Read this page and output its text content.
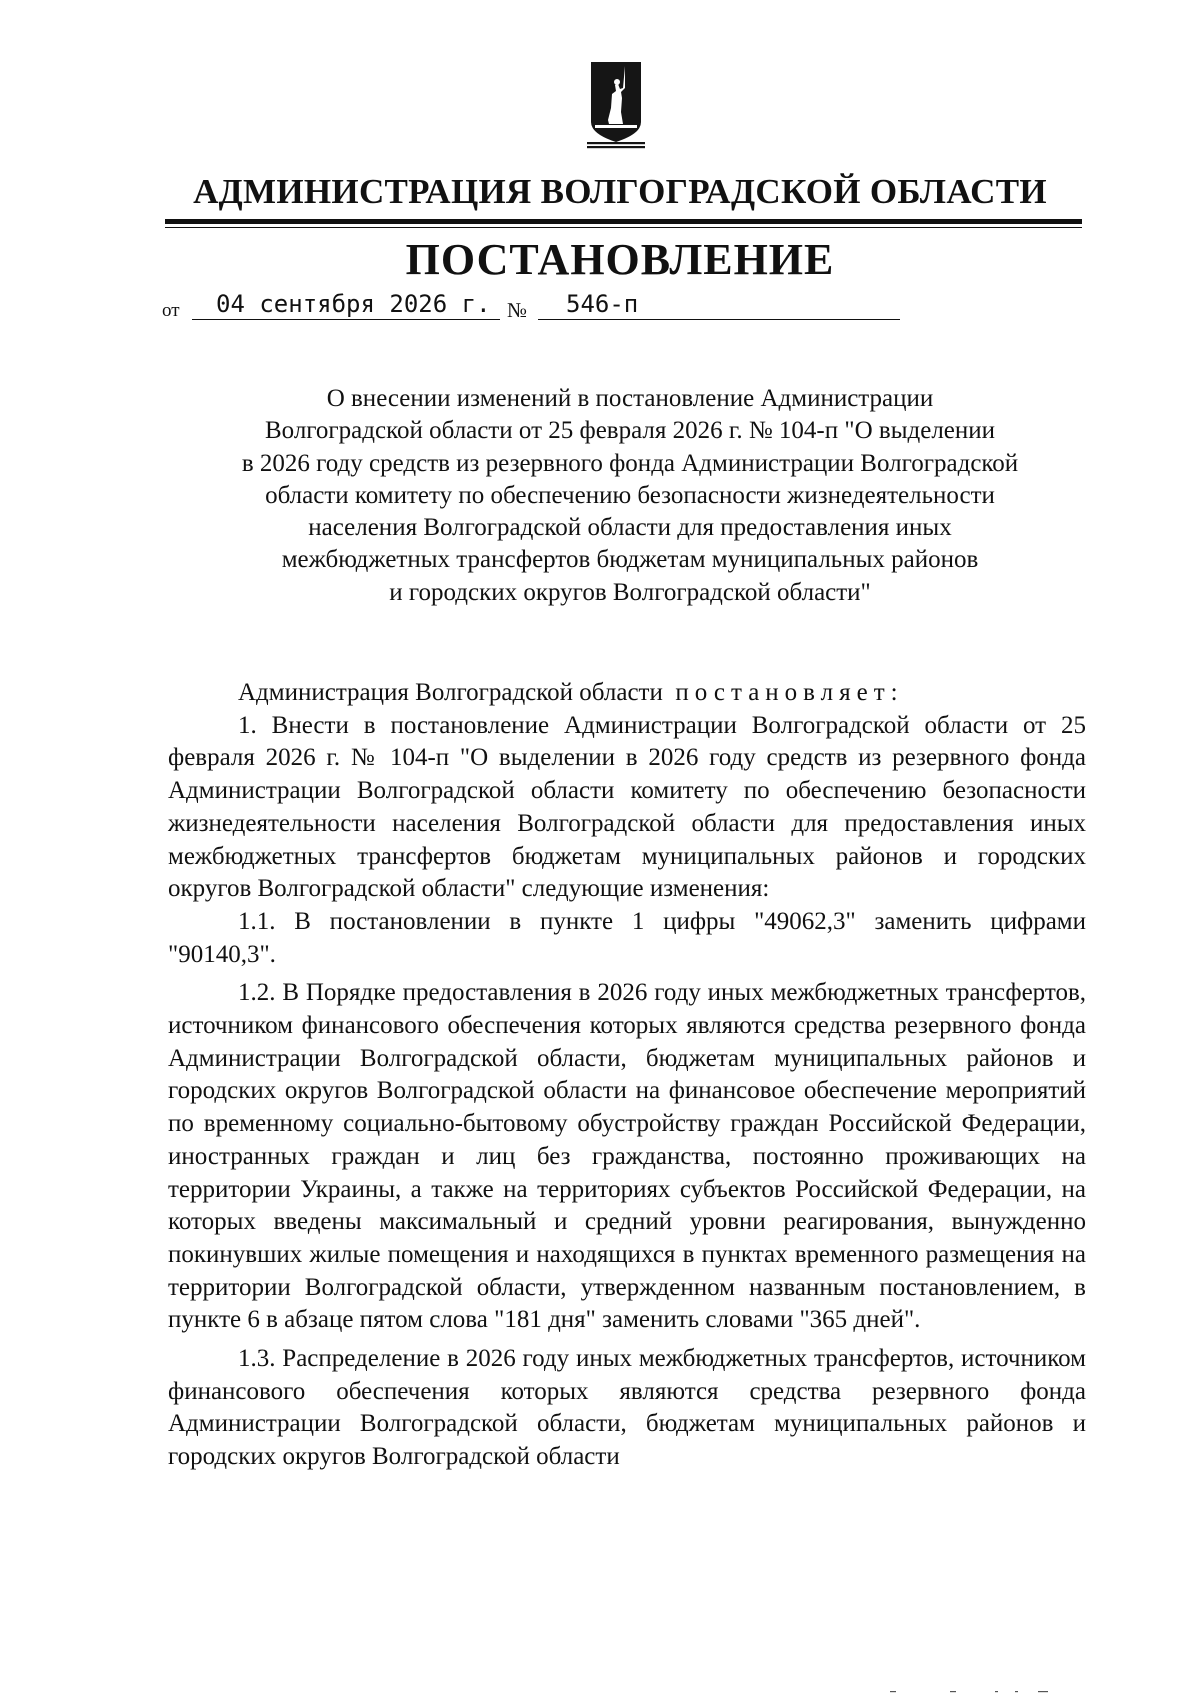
АДМИНИСТРАЦИЯ ВОЛГОГРАДСКОЙ ОБЛАСТИ
ПОСТАНОВЛЕНИЕ
от	04 сентября 2026 г. №	546-п
О внесении изменений в постановление Администрации
Волгоградской области от 25 февраля 2026 г. № 104-п "О выделении
в 2026 году средств из резервного фонда Администрации Волгоградской
области комитету по обеспечению безопасности жизнедеятельности
населения Волгоградской области для предоставления иных
межбюджетных трансфертов бюджетам муниципальных районов
и городских округов Волгоградской области"

Администрация Волгоградской области постановляет:

1. Внести в постановление Администрации Волгоградской области от 25 февраля 2026 г. № 104-п "О выделении в 2026 году средств из резервного фонда Администрации Волгоградской области комитету по обеспечению безопасности жизнедеятельности населения Волгоградской области для предоставления иных межбюджетных трансфертов бюджетам муниципальных районов и городских округов Волгоградской области" следующие изменения:

1.1. В постановлении в пункте 1 цифры "49062,3" заменить цифрами "90140,3".

1.2. В Порядке предоставления в 2026 году иных межбюджетных трансфертов, источником финансового обеспечения которых являются средства резервного фонда Администрации Волгоградской области, бюджетам муниципальных районов и городских округов Волгоградской области на финансовое обеспечение мероприятий по временному социально-бытовому обустройству граждан Российской Федерации, иностранных граждан и лиц без гражданства, постоянно проживающих на территории Украины, а также на территориях субъектов Российской Федерации, на которых введены максимальный и средний уровни реагирования, вынужденно покинувших жилые помещения и находящихся в пунктах временного размещения на территории Волгоградской области, утвержденном названным постановлением, в пункте 6 в абзаце пятом слова "181 дня" заменить словами "365 дней".

1.3. Распределение в 2026 году иных межбюджетных трансфертов, источником финансового обеспечения которых являются средства резервного фонда Администрации Волгоградской области, бюджетам муниципальных районов и городских округов Волгоградской области
